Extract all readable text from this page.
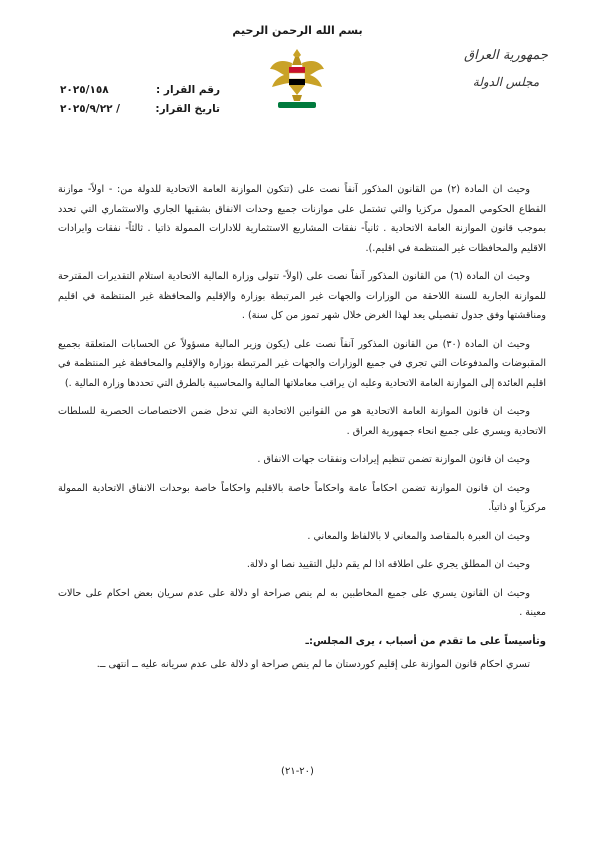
بسم الله الرحمن الرحيم
جمهورية العراق
مجلس الدولة
رقم القرار :
٢٠٢٥/١٥٨
تاريخ القرار:
/ ٢٠٢٥/٩/٢٢

وحيث ان المادة (٢) من القانون المذكور آنفاً نصت على (تتكون الموازنة العامة الاتحادية للدولة من: - اولاً- موازنة القطاع الحكومي الممول مركزيا والتي تشتمل على موازنات جميع وحدات الانفاق بشقيها الجاري والاستثماري التي تحدد بموجب قانون الموازنة العامة الاتحادية . ثانياً- نفقات المشاريع الاستثمارية للادارات الممولة ذاتيا . ثالثاً- نفقات وايرادات الاقليم والمحافظات غير المنتظمة في اقليم.).

وحيث ان المادة (٦) من القانون المذكور آنفاً نصت على (اولاً- تتولى وزارة المالية الاتحادية استلام التقديرات المقترحة للموازنة الجارية للسنة اللاحقة من الوزارات والجهات غير المرتبطة بوزارة والإقليم والمحافظة غير المنتظمة في اقليم ومناقشتها وفق جدول تفصيلي يعد لهذا الغرض خلال شهر تموز من كل سنة) .

وحيث ان المادة (٣٠) من القانون المذكور آنفاً نصت على (يكون وزير المالية مسؤولاً عن الحسابات المتعلقة بجميع المقبوضات والمدفوعات التي تجري في جميع الوزارات والجهات غير المرتبطة بوزارة والإقليم والمحافظة غير المنتظمة في اقليم العائدة إلى الموازنة العامة الاتحادية وعليه ان يراقب معاملاتها المالية والمحاسبية بالطرق التي تحددها وزارة المالية .)

وحيث ان قانون الموازنة العامة الاتحادية هو من القوانين الاتحادية التي تدخل ضمن الاختصاصات الحصرية للسلطات الاتحادية ويسري على جميع انحاء جمهورية العراق .

وحيث ان قانون الموازنة تضمن تنظيم إيرادات ونفقات جهات الانفاق .

وحيث ان قانون الموازنة تضمن احكاماً عامة واحكاماً خاصة بالاقليم واحكاماً خاصة بوحدات الانفاق الاتحادية الممولة مركزياً او ذاتياً.

وحيث ان العبرة بالمقاصد والمعاني لا بالالفاظ والمعاني .

وحيث ان المطلق يجري على اطلاقه اذا لم يقم دليل التقييد نصا او دلالة.

وحيث ان القانون يسري على جميع المخاطبين به لم ينص صراحة او دلالة على عدم سريان بعض احكام على حالات معينة .

وتأسيساً على ما تقدم من أسباب ، يرى المجلس:ـ

تسري احكام قانون الموازنة على إقليم كوردستان ما لم ينص صراحة او دلالة على عدم سريانه عليه ــ انتهى ــ.

(٢٠-٢١)
